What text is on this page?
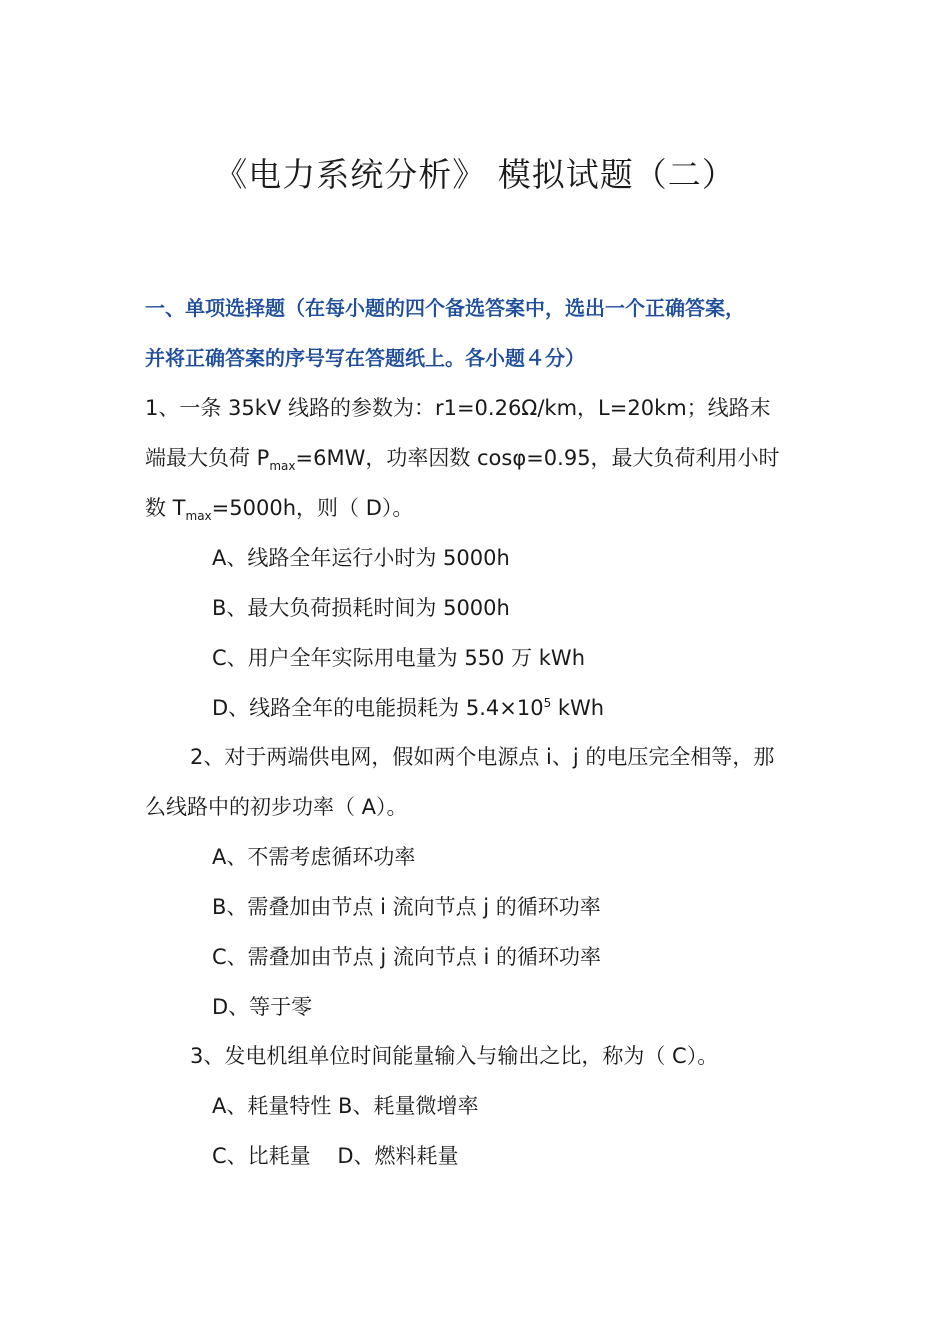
《电力系统分析》 模拟试题（二）
一、单项选择题（在每小题的四个备选答案中，选出一个正确答案，
并将正确答案的序号写在答题纸上。各小题４分）
1、一条 35kV 线路的参数为：r1=0.26Ω/km，L=20km；线路末
端最大负荷 $P_{max}=6MW$，功率因数 cosφ=0.95，最大负荷利用小时
数 $T_{max}=5000h$，则（ D）。
A、线路全年运行小时为 5000h
B、最大负荷损耗时间为 5000h
C、用户全年实际用电量为 550 万 kWh
D、线路全年的电能损耗为 $5.4\times 10^5$ kWh
2、对于两端供电网，假如两个电源点 i、j 的电压完全相等，那
么线路中的初步功率（ A）。
A、不需考虑循环功率
B、需叠加由节点 i 流向节点 j 的循环功率
C、需叠加由节点 j 流向节点 i 的循环功率
D、等于零
3、发电机组单位时间能量输入与输出之比，称为（ C）。
A、耗量特性 B、耗量微增率
C、比耗量    D、燃料耗量
